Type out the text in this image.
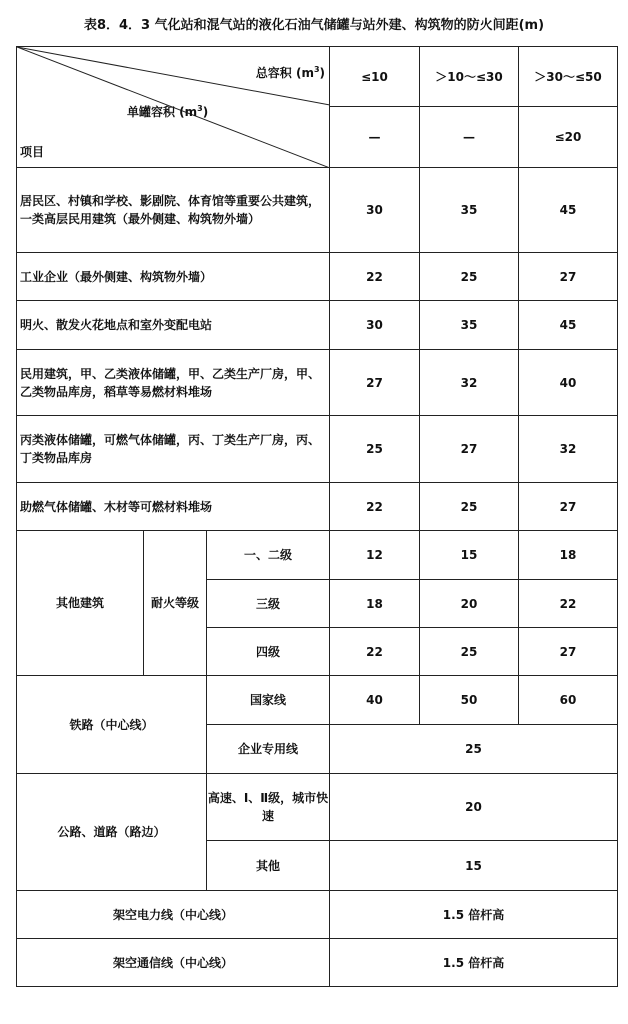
表8．4．3 气化站和混气站的液化石油气储罐与站外建、构筑物的防火间距(m)
总容积 $(m^3)$
单罐容积 $(m^3)$
项目			≤10	＞10～≤30	＞30～≤50
			—	—	≤20
居民区、村镇和学校、影剧院、体育馆等重要公共建筑，一类高层民用建筑（最外侧建、构筑物外墙）			30	35	45
工业企业（最外侧建、构筑物外墙）			22	25	27
明火、散发火花地点和室外变配电站			30	35	45
民用建筑，甲、乙类液体储罐，甲、乙类生产厂房，甲、乙类物品库房，稻草等易燃材料堆场			27	32	40
丙类液体储罐，可燃气体储罐，丙、丁类生产厂房，丙、丁类物品库房			25	27	32
助燃气体储罐、木材等可燃材料堆场			22	25	27
其他建筑	耐火等级	一、二级	12	15	18
		三级	18	20	22
		四级	22	25	27
铁路（中心线）		国家线	40	50	60
		企业专用线	25		
公路、道路（路边）		高速、Ⅰ、Ⅱ级，城市快速	20		
		其他	15		
架空电力线（中心线）			1.5 倍杆高		
架空通信线（中心线）			1.5 倍杆高		
